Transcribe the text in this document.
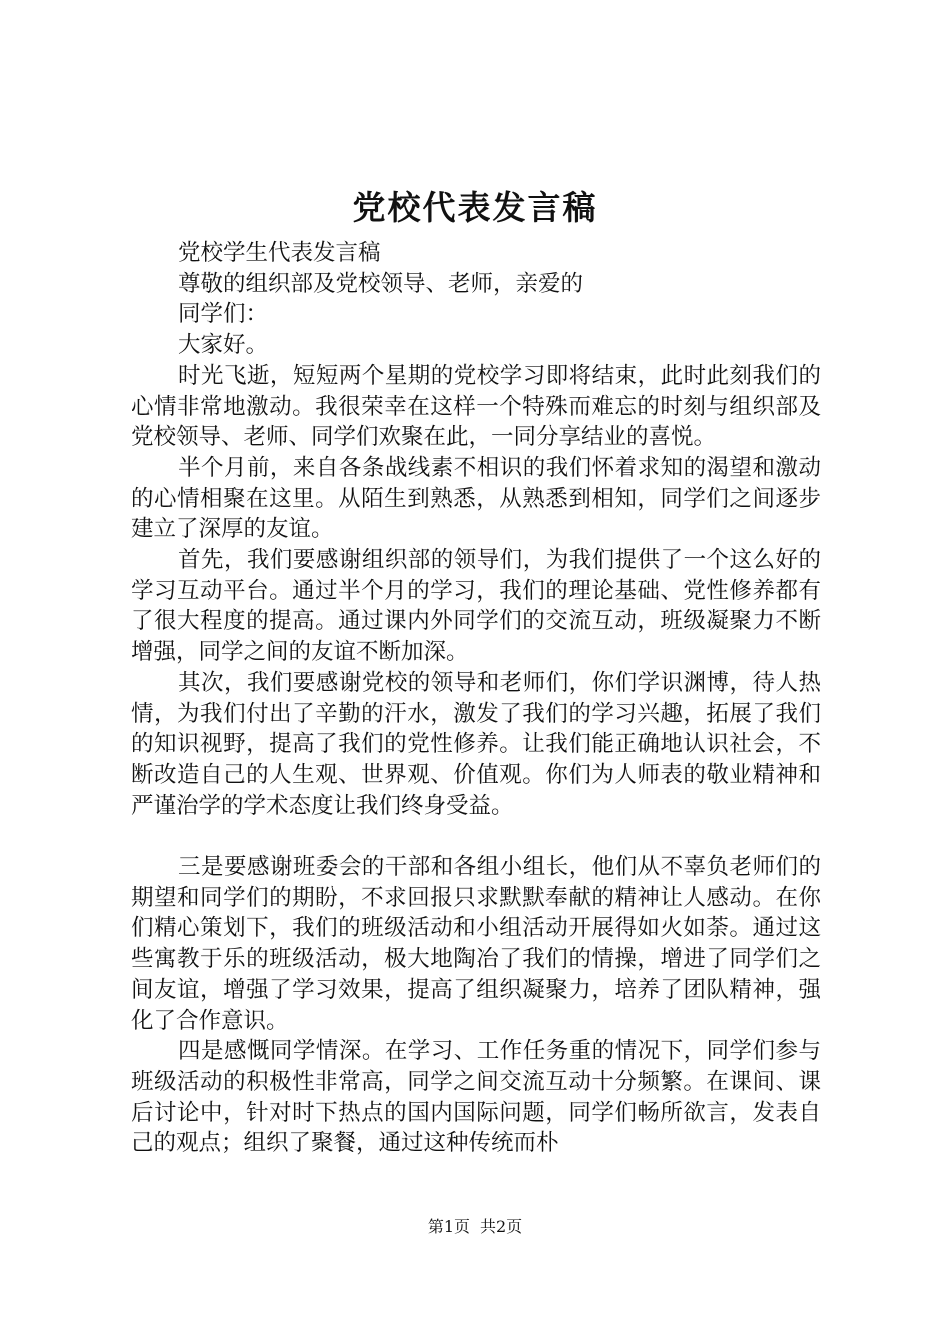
党校代表发言稿

党校学生代表发言稿

尊敬的组织部及党校领导、老师，亲爱的

同学们：

大家好。

时光飞逝，短短两个星期的党校学习即将结束，此时此刻我们的心情非常地激动。我很荣幸在这样一个特殊而难忘的时刻与组织部及党校领导、老师、同学们欢聚在此，一同分享结业的喜悦。

半个月前，来自各条战线素不相识的我们怀着求知的渴望和激动的心情相聚在这里。从陌生到熟悉，从熟悉到相知，同学们之间逐步建立了深厚的友谊。

首先，我们要感谢组织部的领导们，为我们提供了一个这么好的学习互动平台。通过半个月的学习，我们的理论基础、党性修养都有了很大程度的提高。通过课内外同学们的交流互动，班级凝聚力不断增强，同学之间的友谊不断加深。

其次，我们要感谢党校的领导和老师们，你们学识渊博，待人热情，为我们付出了辛勤的汗水，激发了我们的学习兴趣，拓展了我们的知识视野，提高了我们的党性修养。让我们能正确地认识社会，不断改造自己的人生观、世界观、价值观。你们为人师表的敬业精神和严谨治学的学术态度让我们终身受益。

三是要感谢班委会的干部和各组小组长，他们从不辜负老师们的期望和同学们的期盼，不求回报只求默默奉献的精神让人感动。在你们精心策划下，我们的班级活动和小组活动开展得如火如荼。通过这些寓教于乐的班级活动，极大地陶冶了我们的情操，增进了同学们之间友谊，增强了学习效果，提高了组织凝聚力，培养了团队精神，强化了合作意识。

四是感慨同学情深。在学习、工作任务重的情况下，同学们参与班级活动的积极性非常高，同学之间交流互动十分频繁。在课间、课后讨论中，针对时下热点的国内国际问题，同学们畅所欲言，发表自己的观点；组织了聚餐，通过这种传统而朴

第1页 共2页
